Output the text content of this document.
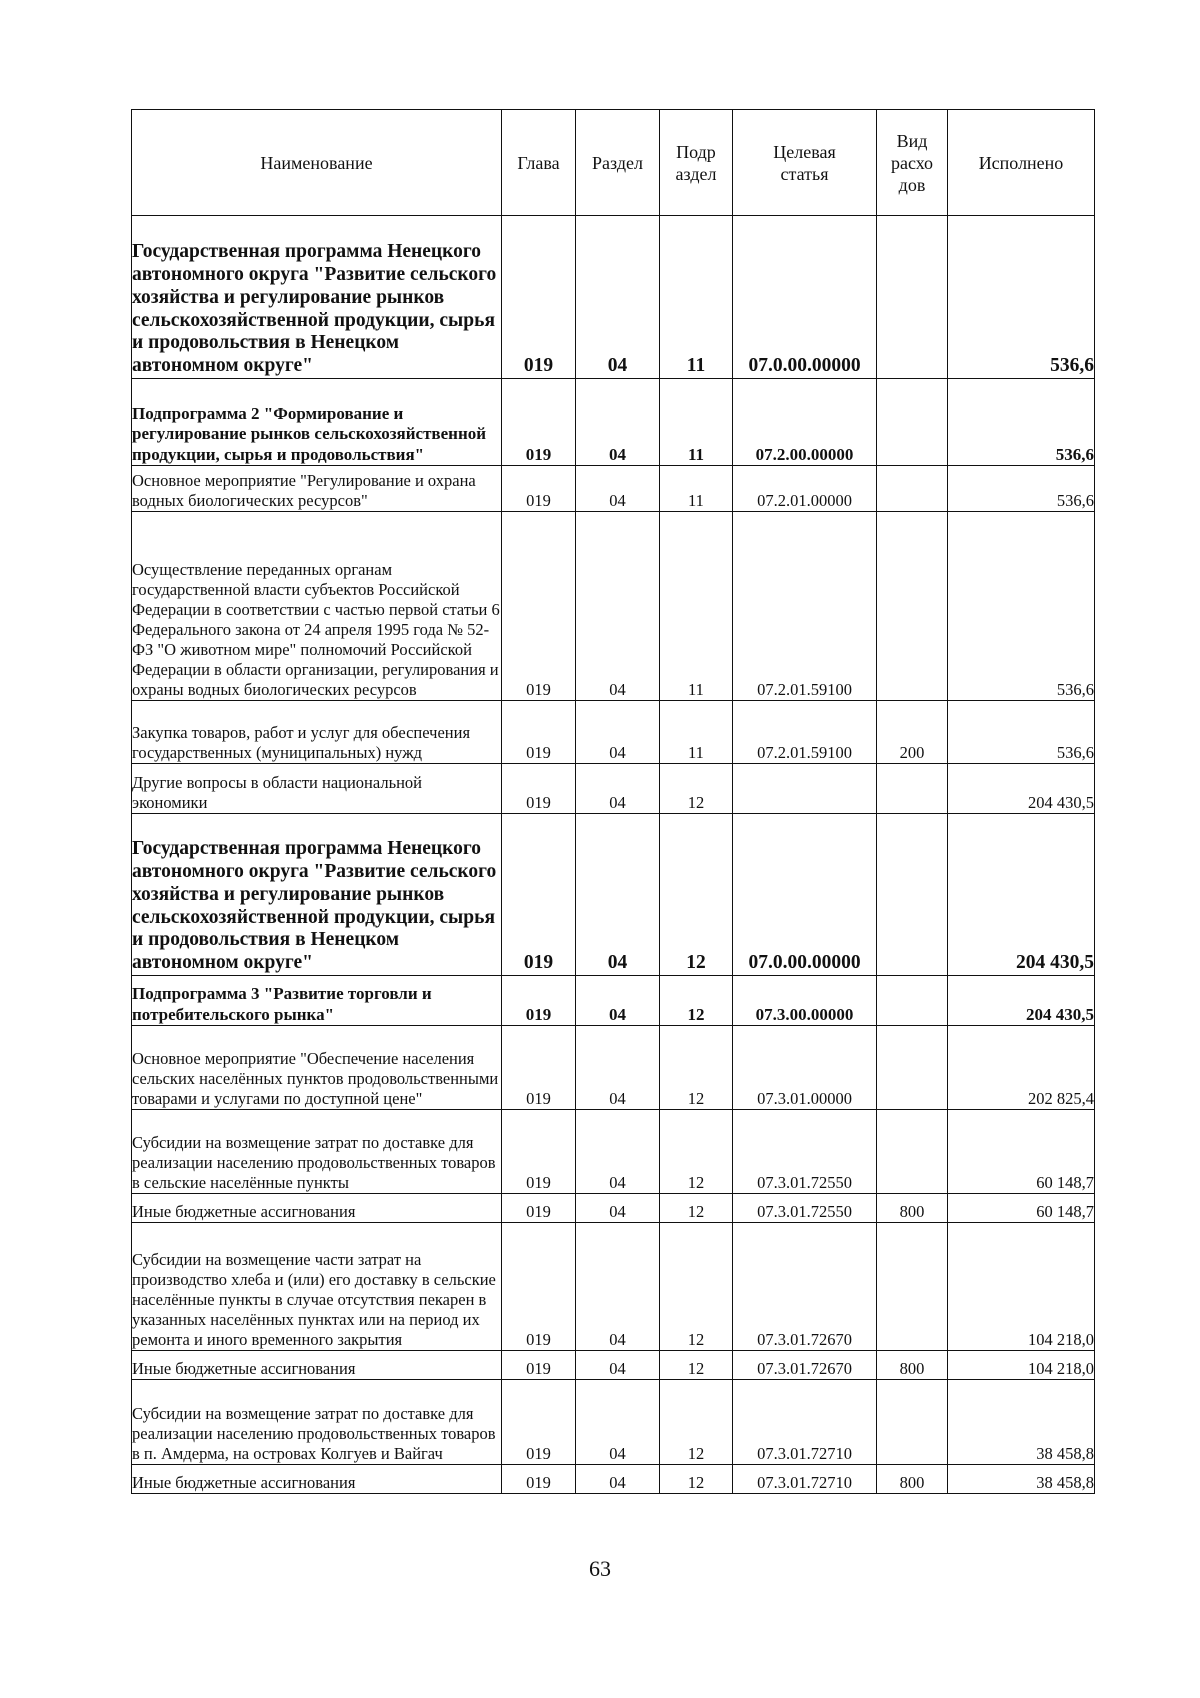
Наименование	Глава	Раздел	Подр аздел	Целевая статья	Вид расхо дов	Исполнено
Государственная программа Ненецкого автономного округа "Развитие сельского хозяйства и регулирование рынков сельскохозяйственной продукции, сырья и продовольствия в Ненецком автономном округе"	019	04	11	07.0.00.00000		536,6
Подпрограмма 2 "Формирование и регулирование рынков сельскохозяйственной продукции, сырья и продовольствия"	019	04	11	07.2.00.00000		536,6
Основное мероприятие "Регулирование и охрана водных биологических ресурсов"	019	04	11	07.2.01.00000		536,6
Осуществление переданных органам государственной власти субъектов Российской Федерации в соответствии с частью первой статьи 6 Федерального закона от 24 апреля 1995 года № 52-ФЗ "О животном мире" полномочий Российской Федерации в области организации, регулирования и охраны водных биологических ресурсов	019	04	11	07.2.01.59100		536,6
Закупка товаров, работ и услуг для обеспечения государственных (муниципальных) нужд	019	04	11	07.2.01.59100	200	536,6
Другие вопросы в области национальной экономики	019	04	12			204 430,5
Государственная программа Ненецкого автономного округа "Развитие сельского хозяйства и регулирование рынков сельскохозяйственной продукции, сырья и продовольствия в Ненецком автономном округе"	019	04	12	07.0.00.00000		204 430,5
Подпрограмма 3 "Развитие торговли и потребительского рынка"	019	04	12	07.3.00.00000		204 430,5
Основное мероприятие "Обеспечение населения сельских населённых пунктов продовольственными товарами и услугами по доступной цене"	019	04	12	07.3.01.00000		202 825,4
Субсидии на возмещение затрат по доставке для реализации населению продовольственных товаров в сельские населённые пункты	019	04	12	07.3.01.72550		60 148,7
Иные бюджетные ассигнования	019	04	12	07.3.01.72550	800	60 148,7
Субсидии на возмещение части затрат на производство хлеба и (или) его доставку в сельские населённые пункты в случае отсутствия пекарен в указанных населённых пунктах или на период их ремонта и иного временного закрытия	019	04	12	07.3.01.72670		104 218,0
Иные бюджетные ассигнования	019	04	12	07.3.01.72670	800	104 218,0
Субсидии на возмещение затрат по доставке для реализации населению продовольственных товаров в п. Амдерма, на островах Колгуев и Вайгач	019	04	12	07.3.01.72710		38 458,8
Иные бюджетные ассигнования	019	04	12	07.3.01.72710	800	38 458,8
63
